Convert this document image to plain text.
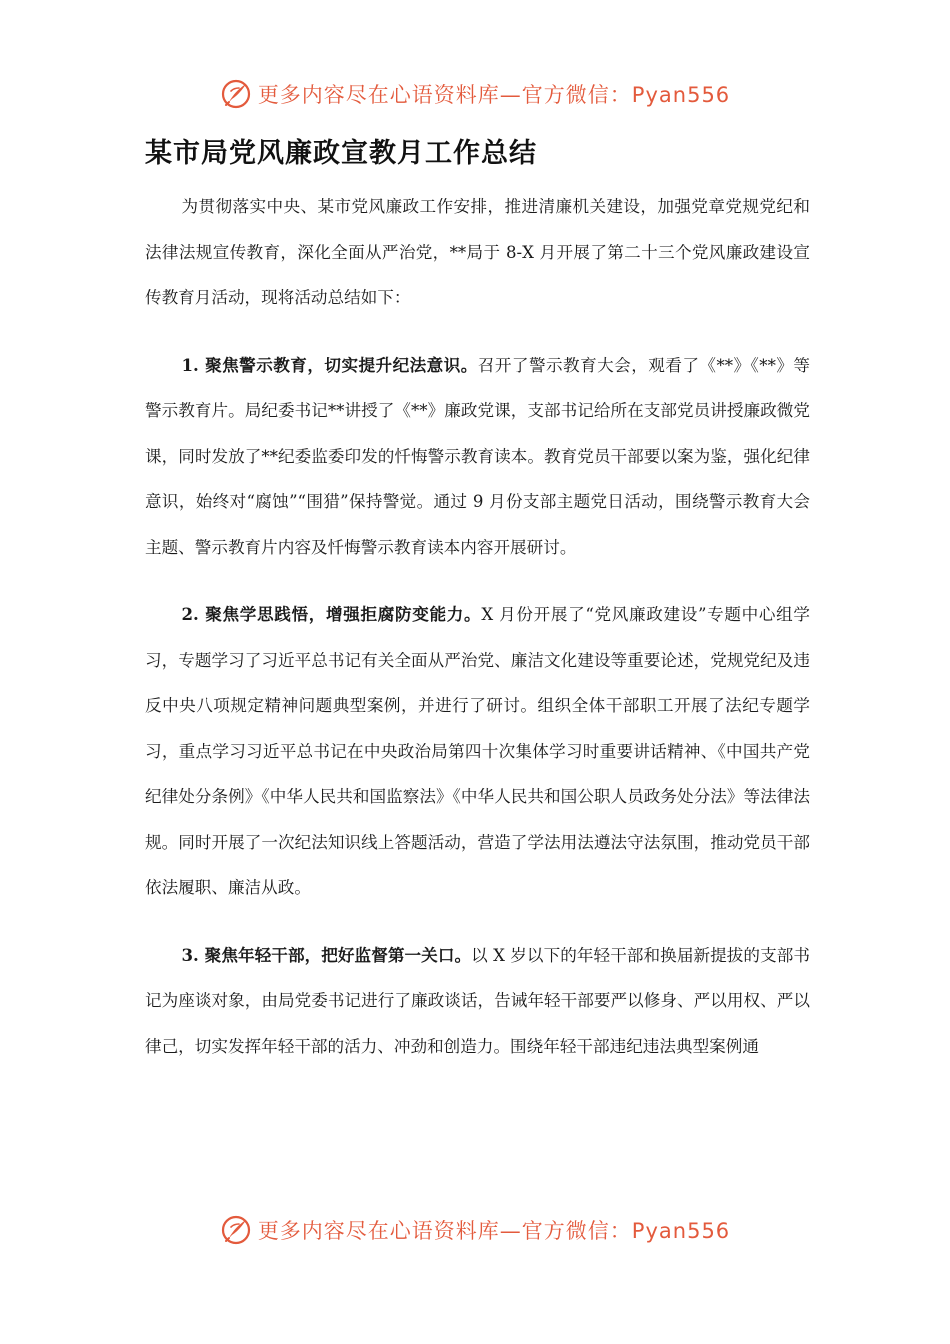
更多内容尽在心语资料库—官方微信：Pyan556
某市局党风廉政宣教月工作总结

为贯彻落实中央、某市党风廉政工作安排，推进清廉机关建设，加强党章党规党纪和法律法规宣传教育，深化全面从严治党，**局于 8-X 月开展了第二十三个党风廉政建设宣传教育月活动，现将活动总结如下：

1. 聚焦警示教育，切实提升纪法意识。召开了警示教育大会，观看了《**》《**》等警示教育片。局纪委书记**讲授了《**》廉政党课，支部书记给所在支部党员讲授廉政微党课，同时发放了**纪委监委印发的忏悔警示教育读本。教育党员干部要以案为鉴，强化纪律意识，始终对“腐蚀”“围猎”保持警觉。通过 9 月份支部主题党日活动，围绕警示教育大会主题、警示教育片内容及忏悔警示教育读本内容开展研讨。

2. 聚焦学思践悟，增强拒腐防变能力。X 月份开展了“党风廉政建设”专题中心组学习，专题学习了习近平总书记有关全面从严治党、廉洁文化建设等重要论述，党规党纪及违反中央八项规定精神问题典型案例，并进行了研讨。组织全体干部职工开展了法纪专题学习，重点学习习近平总书记在中央政治局第四十次集体学习时重要讲话精神、《中国共产党纪律处分条例》《中华人民共和国监察法》《中华人民共和国公职人员政务处分法》等法律法规。同时开展了一次纪法知识线上答题活动，营造了学法用法遵法守法氛围，推动党员干部依法履职、廉洁从政。

3. 聚焦年轻干部，把好监督第一关口。以 X 岁以下的年轻干部和换届新提拔的支部书记为座谈对象，由局党委书记进行了廉政谈话，告诫年轻干部要严以修身、严以用权、严以律己，切实发挥年轻干部的活力、冲劲和创造力。围绕年轻干部违纪违法典型案例通

更多内容尽在心语资料库—官方微信：Pyan556
